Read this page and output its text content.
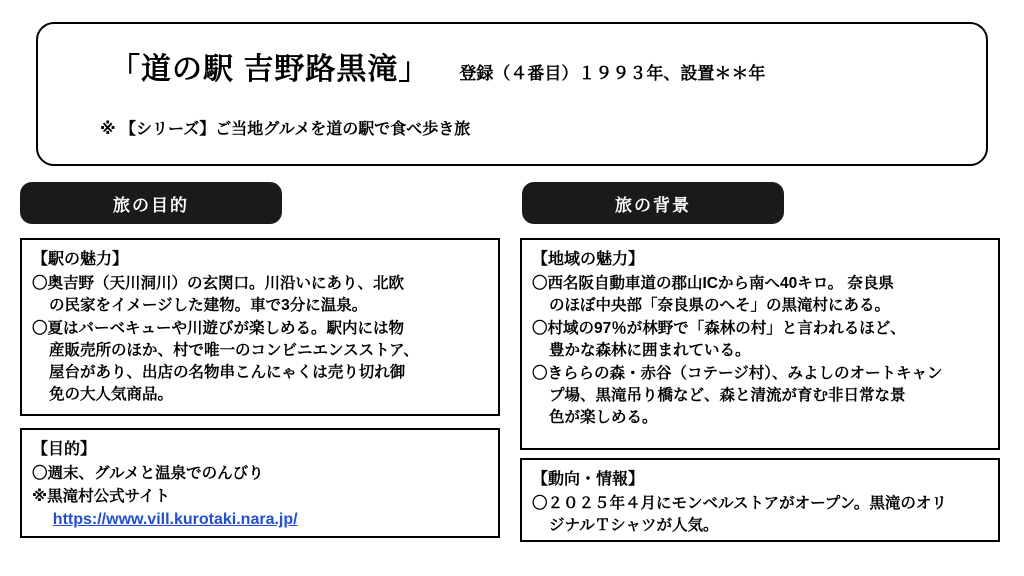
「道の駅 吉野路黒滝」 登録（４番目）１９９３年、設置＊＊年
※ 【シリーズ】ご当地グルメを道の駅で食べ歩き旅
旅の目的	旅の背景
【駅の魅力】
〇奥吉野（天川洞川）の玄関口。川沿いにあり、北欧
の民家をイメージした建物。車で3分に温泉。
〇夏はバーベキューや川遊びが楽しめる。駅内には物
産販売所のほか、村で唯一のコンビニエンスストア、
屋台があり、出店の名物串こんにゃくは売り切れ御
免の大人気商品。
【目的】
〇週末、グルメと温泉でのんびり
※黒滝村公式サイト
https://www.vill.kurotaki.nara.jp/
【地域の魅力】
〇西名阪自動車道の郡山ICから南へ40キロ。 奈良県
のほぼ中央部「奈良県のへそ」の黒滝村にある。
〇村域の97％が林野で「森林の村」と言われるほど、
豊かな森林に囲まれている。
〇きららの森・赤谷（コテージ村）、みよしのオートキャン
プ場、黒滝吊り橋など、森と清流が育む非日常な景
色が楽しめる。
【動向・情報】
〇２０２５年４月にモンベルストアがオープン。黒滝のオリ
ジナルＴシャツが人気。
